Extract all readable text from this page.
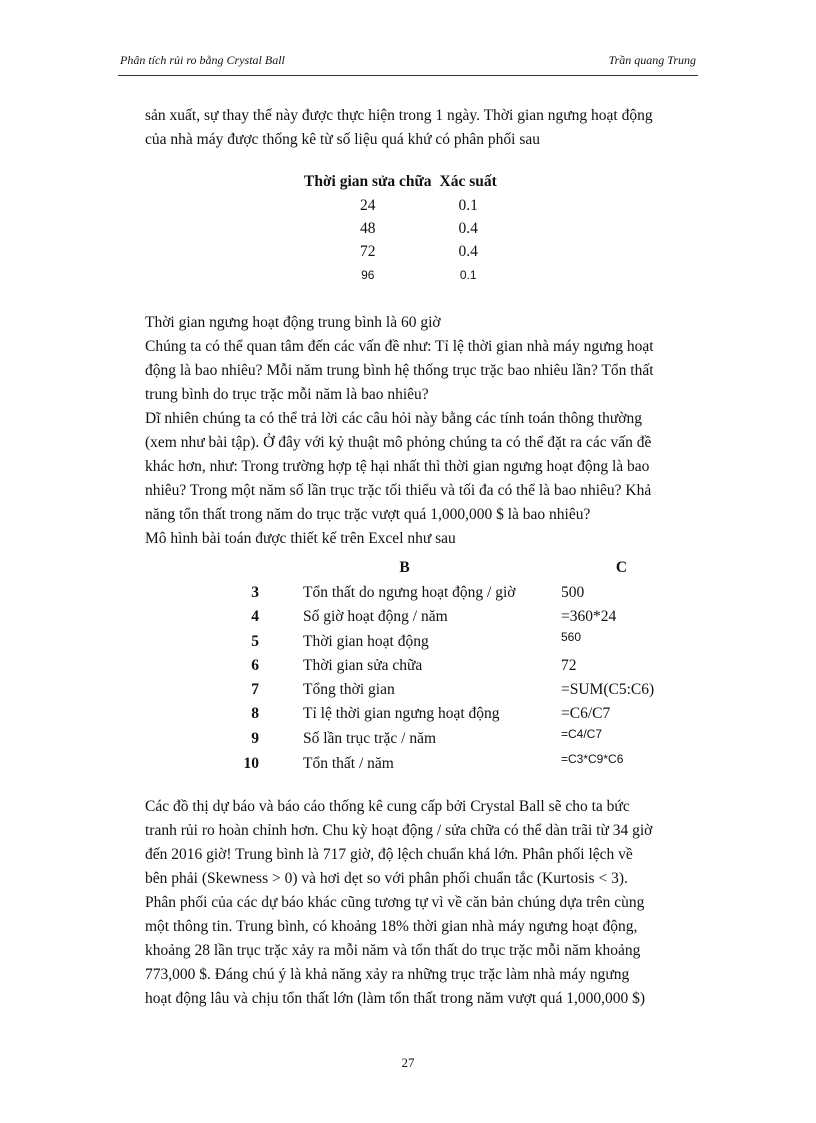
Phân tích rủi ro bằng Crystal Ball	Trần quang Trung

sản xuất, sự thay thế này được thực hiện trong 1 ngày. Thời gian ngưng hoạt động

của nhà máy được thống kê từ số liệu quá khứ có phân phối sau

Thời gian sửa chữa	Xác suất
24	0.1
48	0.4
72	0.4
96	0.1

Thời gian ngưng hoạt động trung bình là 60 giờ

Chúng ta có thể quan tâm đến các vấn đề như: Tỉ lệ thời gian nhà máy ngưng hoạt

động là bao nhiêu? Mỗi năm trung bình hệ thống trục trặc bao nhiêu lần? Tổn thất

trung bình do trục trặc mỗi năm là bao nhiêu?

Dĩ nhiên chúng ta có thể trả lời các câu hỏi này bằng các tính toán thông thường

(xem như bài tập). Ở đây với kỷ thuật mô phỏng chúng ta có thể đặt ra các vấn đề

khác hơn, như: Trong trường hợp tệ hại nhất thì thời gian ngưng hoạt động là bao

nhiêu? Trong một năm số lần trục trặc tối thiểu và tối đa có thể là bao nhiêu? Khả

năng tổn thất trong năm do trục trặc vượt quá 1,000,000 $ là bao nhiêu?

Mô hình bài toán được thiết kế trên Excel như sau

	B	C
3	Tổn thất do ngưng hoạt động / giờ	500
4	Số giờ hoạt động / năm	=360*24
5	Thời gian hoạt động	560
6	Thời gian sửa chữa	72
7	Tổng thời gian	=SUM(C5:C6)
8	Tỉ lệ thời gian ngưng hoạt động	=C6/C7
9	Số lần trục trặc / năm	=C4/C7
10	Tổn thất / năm	=C3*C9*C6

Các đồ thị dự báo và báo cáo thống kê cung cấp bởi Crystal Ball sẽ cho ta bức

tranh rủi ro hoàn chỉnh hơn. Chu kỳ hoạt động / sửa chữa có thể dàn trãi từ 34 giờ

đến 2016 giờ! Trung bình là 717 giờ, độ lệch chuẩn khá lớn. Phân phối lệch về

bên phải (Skewness > 0) và hơi dẹt so với phân phối chuẩn tắc (Kurtosis < 3).

Phân phối của các dự báo khác cũng tương tự vì về căn bản chúng dựa trên cùng

một thông tin. Trung bình, có khoảng 18% thời gian nhà máy ngưng hoạt động,

khoảng 28 lần trục trặc xảy ra mỗi năm và tổn thất do trục trặc mỗi năm khoảng

773,000 $. Đáng chú ý là khả năng xảy ra những trục trặc làm nhà máy ngưng

hoạt động lâu và chịu tổn thất lớn (làm tổn thất trong năm vượt quá 1,000,000 $)

27
